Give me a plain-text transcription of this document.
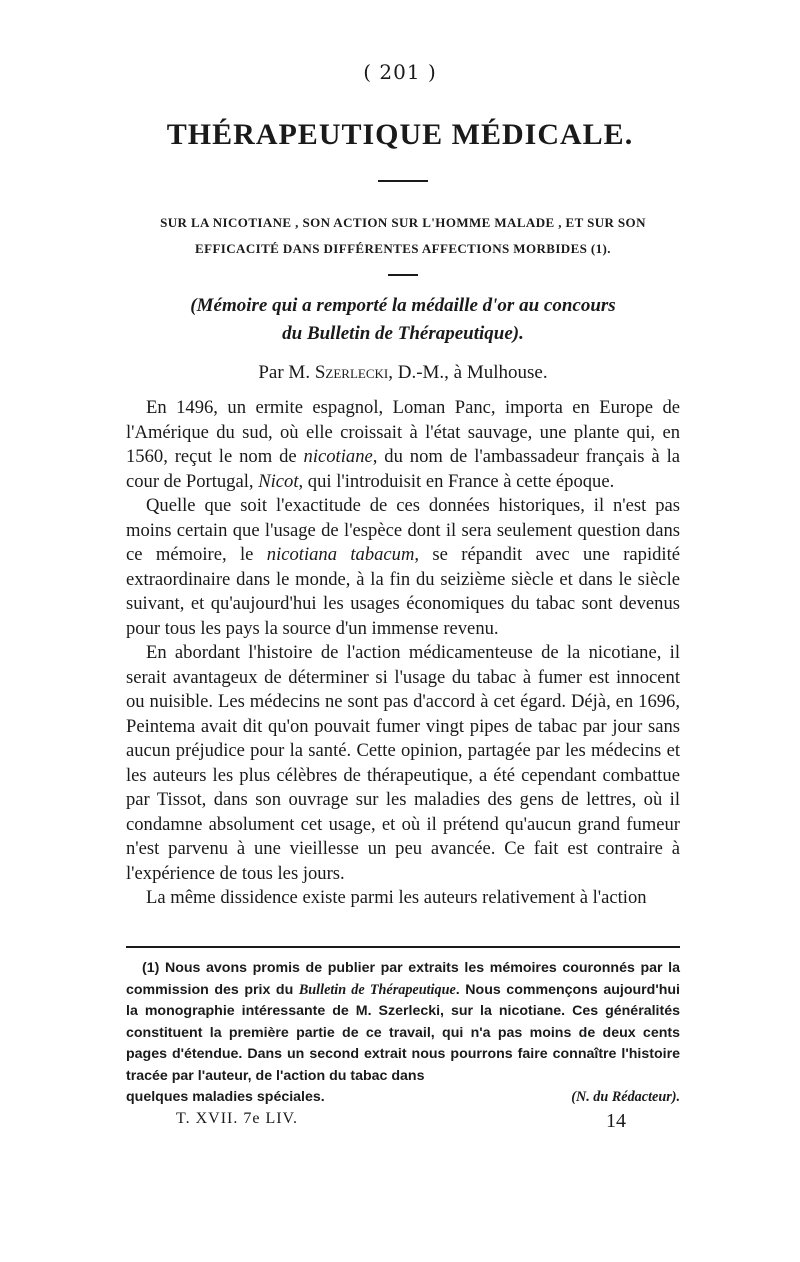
( 201 )
THÉRAPEUTIQUE MÉDICALE.
SUR LA NICOTIANE , SON ACTION SUR L'HOMME MALADE , ET SUR SON
EFFICACITÉ DANS DIFFÉRENTES AFFECTIONS MORBIDES (1).
(Mémoire qui a remporté la médaille d'or au concours
du Bulletin de Thérapeutique).
Par M. Szerlecki, D.-M., à Mulhouse.

En 1496, un ermite espagnol, Loman Panc, importa en Europe de l'Amérique du sud, où elle croissait à l'état sauvage, une plante qui, en 1560, reçut le nom de nicotiane, du nom de l'ambassadeur français à la cour de Portugal, Nicot, qui l'introduisit en France à cette époque.

Quelle que soit l'exactitude de ces données historiques, il n'est pas moins certain que l'usage de l'espèce dont il sera seulement question dans ce mémoire, le nicotiana tabacum, se répandit avec une rapidité extraordinaire dans le monde, à la fin du seizième siècle et dans le siècle suivant, et qu'aujourd'hui les usages économiques du tabac sont devenus pour tous les pays la source d'un immense revenu.

En abordant l'histoire de l'action médicamenteuse de la nicotiane, il serait avantageux de déterminer si l'usage du tabac à fumer est innocent ou nuisible. Les médecins ne sont pas d'accord à cet égard. Déjà, en 1696, Peintema avait dit qu'on pouvait fumer vingt pipes de tabac par jour sans aucun préjudice pour la santé. Cette opinion, partagée par les médecins et les auteurs les plus célèbres de thérapeutique, a été cependant combattue par Tissot, dans son ouvrage sur les maladies des gens de lettres, où il condamne absolument cet usage, et où il prétend qu'aucun grand fumeur n'est parvenu à une vieillesse un peu avancée. Ce fait est contraire à l'expérience de tous les jours.

La même dissidence existe parmi les auteurs relativement à l'action

(1) Nous avons promis de publier par extraits les mémoires couronnés par la commission des prix du Bulletin de Thérapeutique. Nous commençons aujourd'hui la monographie intéressante de M. Szerlecki, sur la nicotiane. Ces généralités constituent la première partie de ce travail, qui n'a pas moins de deux cents pages d'étendue. Dans un second extrait nous pourrons faire connaître l'histoire tracée par l'auteur, de l'action du tabac dans

quelques maladies spéciales.	(N. du Rédacteur).

T. XVII. 7e LIV.	14
